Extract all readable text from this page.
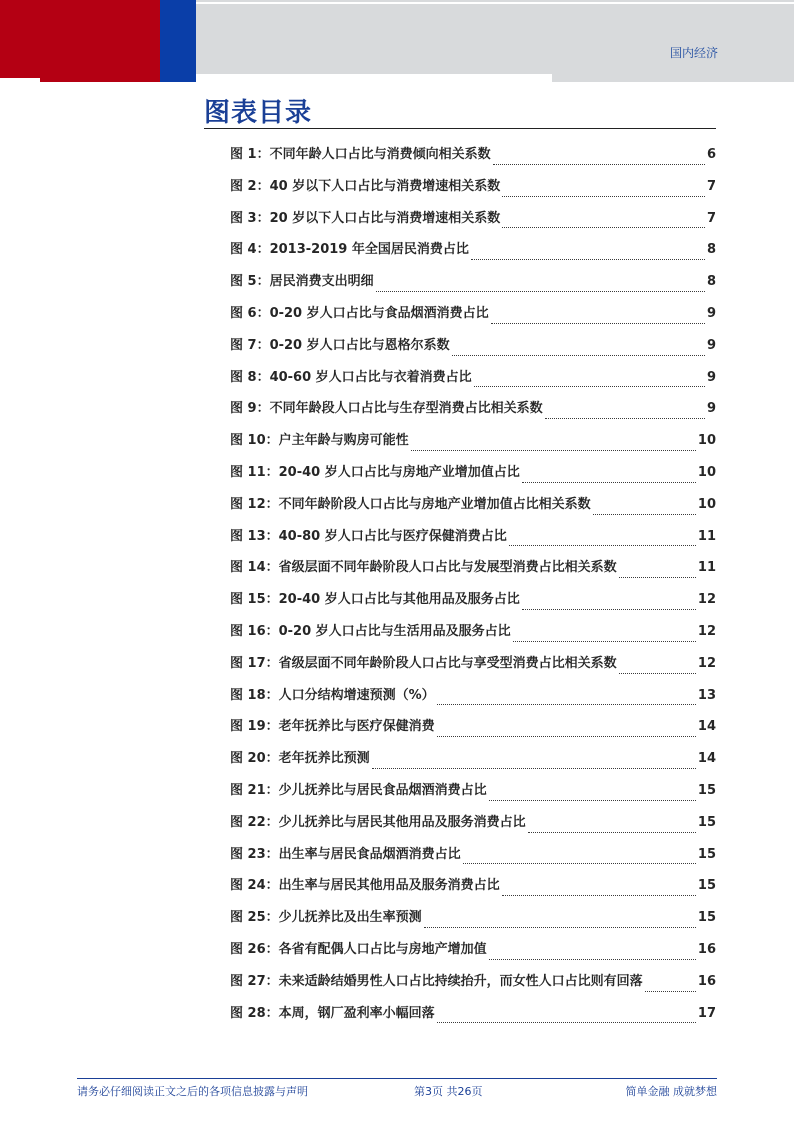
国内经济
图表目录
图 1：不同年龄人口占比与消费倾向相关系数	6
图 2：40 岁以下人口占比与消费增速相关系数	7
图 3：20 岁以下人口占比与消费增速相关系数	7
图 4：2013-2019 年全国居民消费占比	8
图 5：居民消费支出明细	8
图 6：0-20 岁人口占比与食品烟酒消费占比	9
图 7：0-20 岁人口占比与恩格尔系数	9
图 8：40-60 岁人口占比与衣着消费占比	9
图 9：不同年龄段人口占比与生存型消费占比相关系数	9
图 10：户主年龄与购房可能性	10
图 11：20-40 岁人口占比与房地产业增加值占比	10
图 12：不同年龄阶段人口占比与房地产业增加值占比相关系数	10
图 13：40-80 岁人口占比与医疗保健消费占比	11
图 14：省级层面不同年龄阶段人口占比与发展型消费占比相关系数	11
图 15：20-40 岁人口占比与其他用品及服务占比	12
图 16：0-20 岁人口占比与生活用品及服务占比	12
图 17：省级层面不同年龄阶段人口占比与享受型消费占比相关系数	12
图 18：人口分结构增速预测（%）	13
图 19：老年抚养比与医疗保健消费	14
图 20：老年抚养比预测	14
图 21：少儿抚养比与居民食品烟酒消费占比	15
图 22：少儿抚养比与居民其他用品及服务消费占比	15
图 23：出生率与居民食品烟酒消费占比	15
图 24：出生率与居民其他用品及服务消费占比	15
图 25：少儿抚养比及出生率预测	15
图 26：各省有配偶人口占比与房地产增加值	16
图 27：未来适龄结婚男性人口占比持续抬升，而女性人口占比则有回落	16
图 28：本周，钢厂盈利率小幅回落	17
请务必仔细阅读正文之后的各项信息披露与声明	第3页 共26页	简单金融 成就梦想
